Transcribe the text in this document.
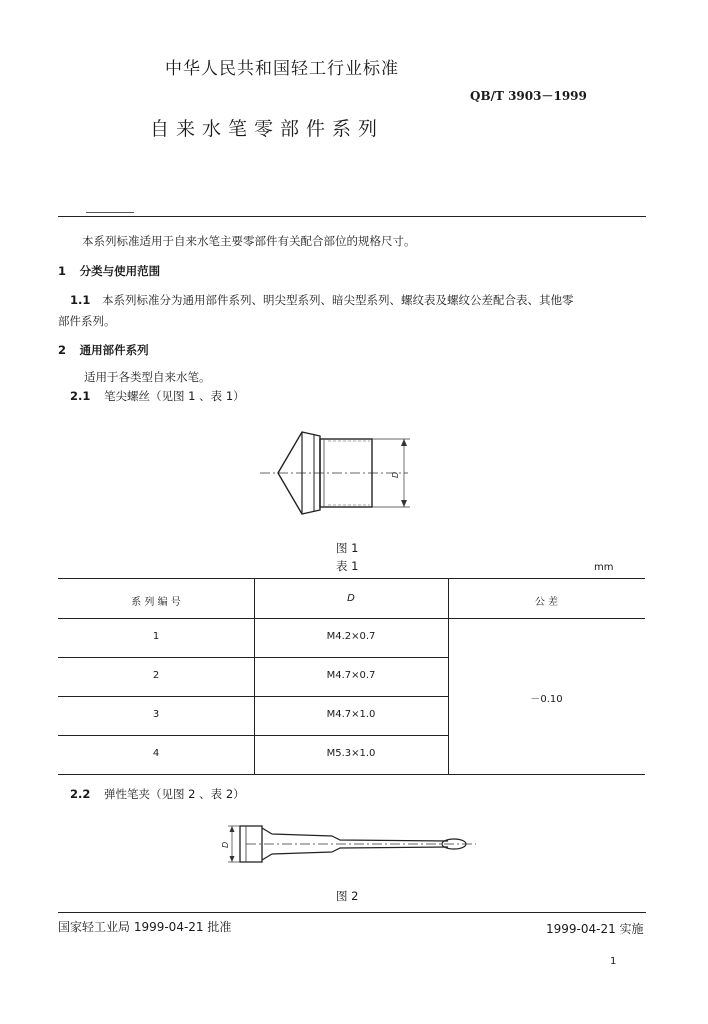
中华人民共和国轻工行业标准
QB/T 3903－1999
自来水笔零部件系列
本系列标准适用于自来水笔主要零部件有关配合部位的规格尺寸。
1 分类与使用范围
1.1 本系列标准分为通用部件系列、明尖型系列、暗尖型系列、螺纹表及螺纹公差配合表、其他零
部件系列。
2 通用部件系列
适用于各类型自来水笔。
2.1 笔尖螺丝（见图 1 、表 1）
D
图 1
表 1	mm
系 列 编 号	D	公 差
1	M4.2×0.7
2	M4.7×0.7
3	M4.7×1.0
4	M5.3×1.0
－0.10
2.2 弹性笔夹（见图 2 、表 2）
D
图 2
国家轻工业局 1999-04-21 批准	1999-04-21 实施
1
